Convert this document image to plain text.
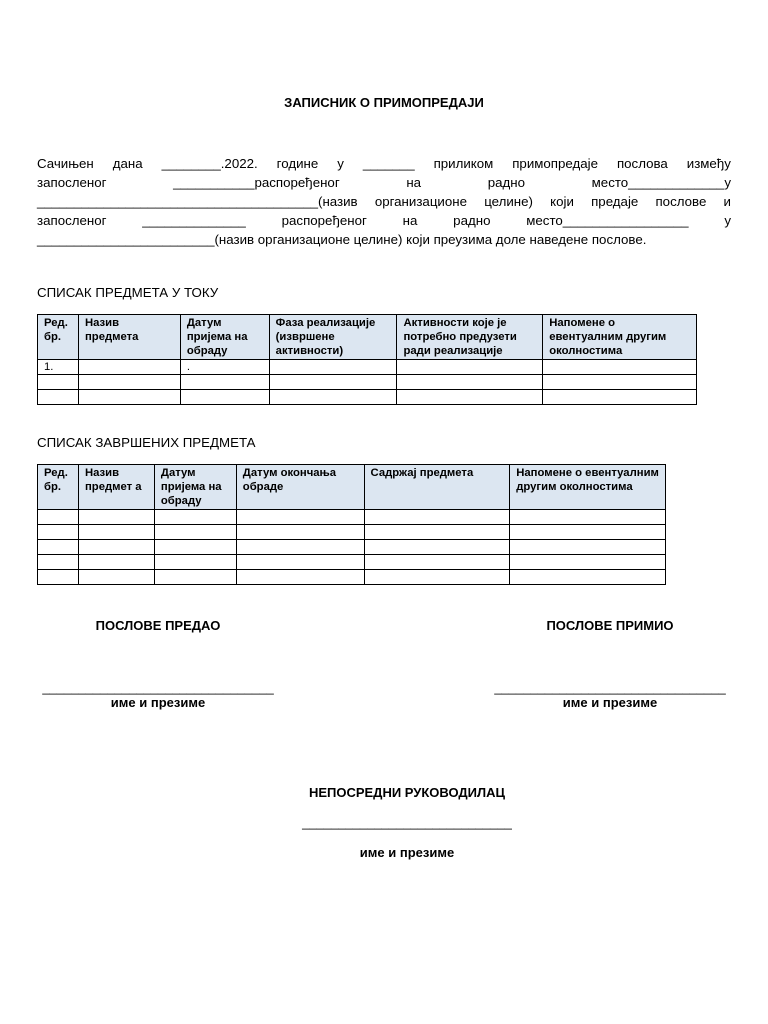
ЗАПИСНИК О ПРИМОПРЕДАЈИ
Сачињен дана ________.2022. године у _______ приликом примопредаје послова између
запосленог	___________распоређеног	на	радно	место_____________у
______________________________________(назив организационе целине) који предаје послове и
запосленог	______________	распоређеног	на	радно	место_________________	у
________________________(назив организационе целине) који преузима доле наведене послове.
СПИСАК ПРЕДМЕТА У ТОКУ
Ред. бр.	Назив предмета	Датум пријема на обраду	Фаза реализације (извршене активности)	Активности које је потребно предузети ради реализације	Напомене о евентуалним другим околностима
1.		.			

СПИСАК ЗАВРШЕНИХ ПРЕДМЕТА
Ред. бр.	Назив предмет а	Датум пријема на обраду	Датум окончања обраде	Садржај предмета	Напомене о евентуалним другим околностима

ПОСЛОВЕ ПРЕДАО	ПОСЛОВЕ ПРИМИО
________________________________	________________________________
име и презиме	име и презиме
НЕПОСРЕДНИ РУКОВОДИЛАЦ
_____________________________
име и презиме
